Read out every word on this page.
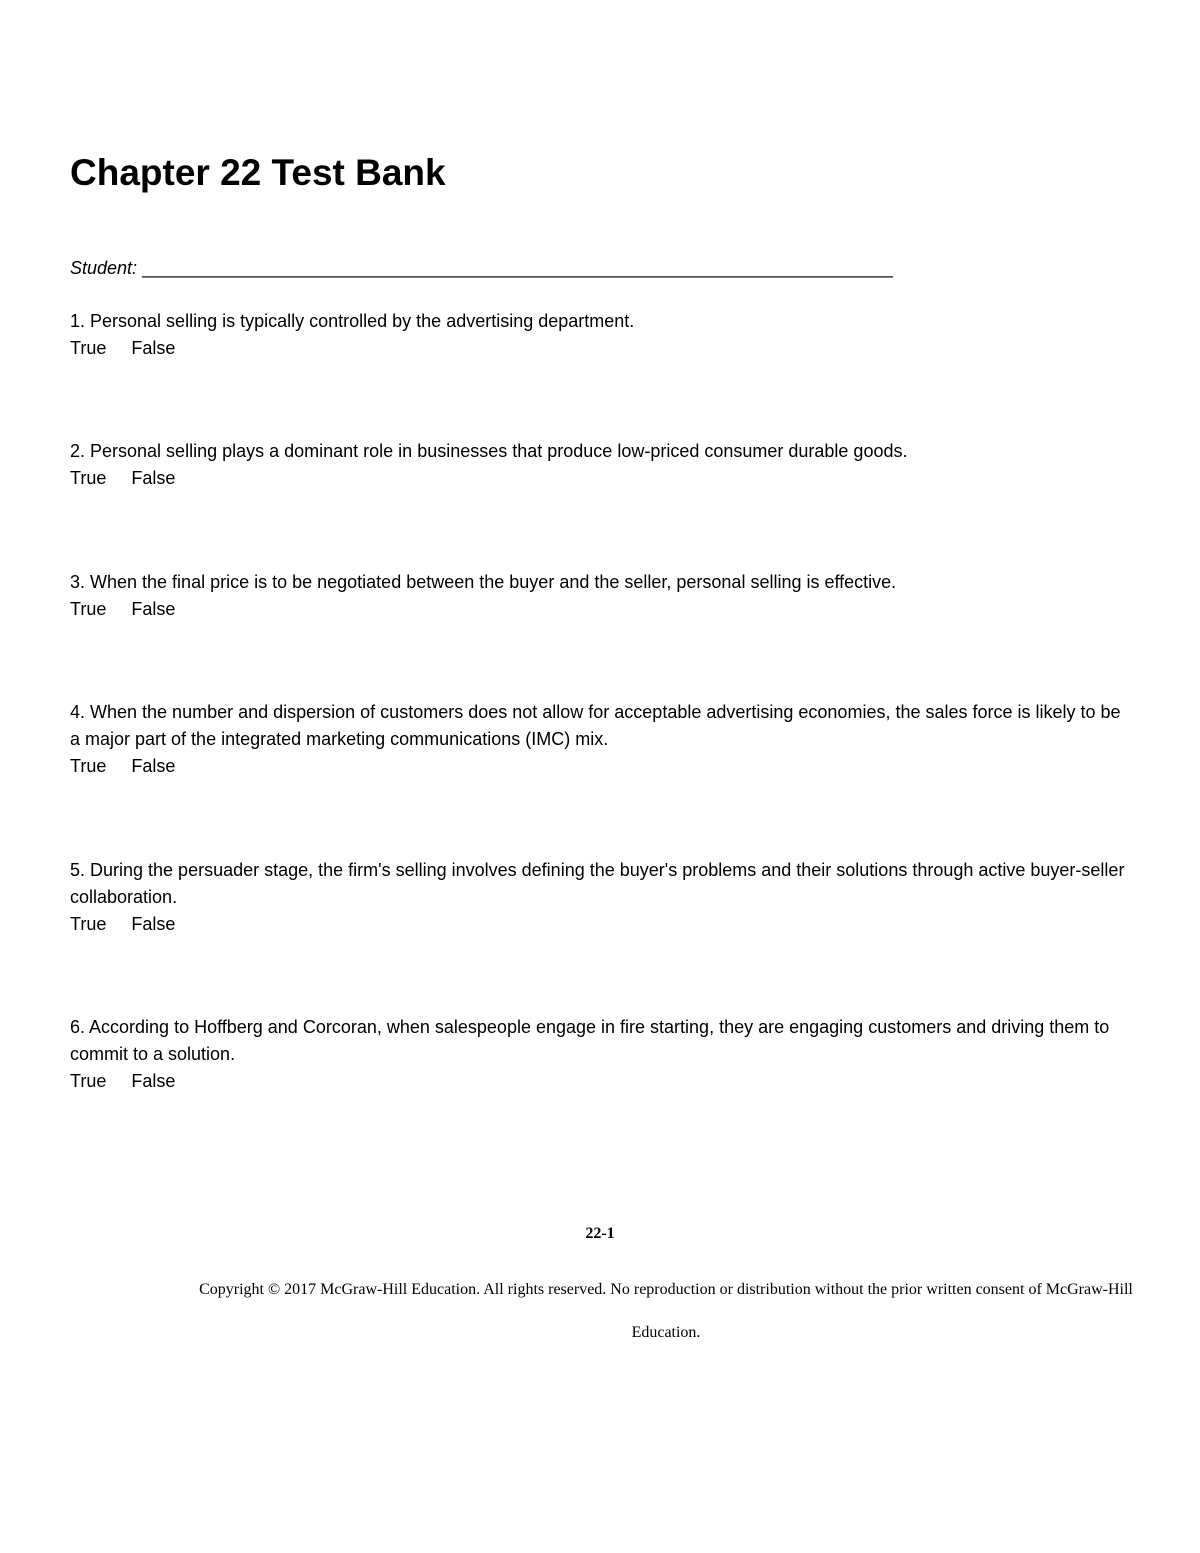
Chapter 22 Test Bank
Student: ___________________________________________________________________________
1. Personal selling is typically controlled by the advertising department.
True False
2. Personal selling plays a dominant role in businesses that produce low-priced consumer durable goods.
True False
3. When the final price is to be negotiated between the buyer and the seller, personal selling is effective.
True False
4. When the number and dispersion of customers does not allow for acceptable advertising economies, the sales force is likely to be a major part of the integrated marketing communications (IMC) mix.
True False
5. During the persuader stage, the firm's selling involves defining the buyer's problems and their solutions through active buyer-seller collaboration.
True False
6. According to Hoffberg and Corcoran, when salespeople engage in fire starting, they are engaging customers and driving them to commit to a solution.
True False
22-1
Copyright © 2017 McGraw-Hill Education. All rights reserved. No reproduction or distribution without the prior written consent of McGraw-Hill Education.
